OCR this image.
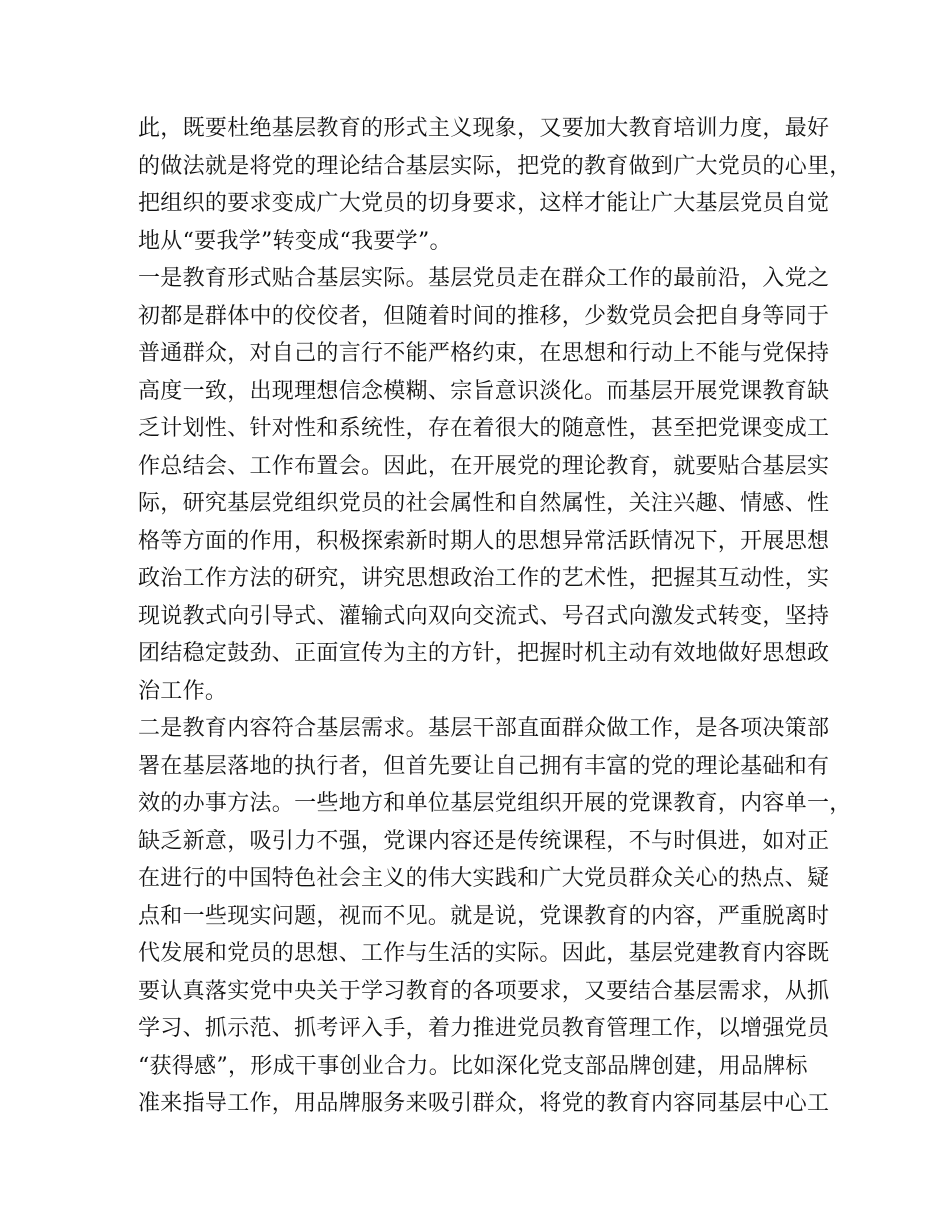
此，既要杜绝基层教育的形式主义现象，又要加大教育培训力度，最好
的做法就是将党的理论结合基层实际，把党的教育做到广大党员的心里，
把组织的要求变成广大党员的切身要求，这样才能让广大基层党员自觉
地从“要我学”转变成“我要学”。
一是教育形式贴合基层实际。基层党员走在群众工作的最前沿，入党之
初都是群体中的佼佼者，但随着时间的推移，少数党员会把自身等同于
普通群众，对自己的言行不能严格约束，在思想和行动上不能与党保持
高度一致，出现理想信念模糊、宗旨意识淡化。而基层开展党课教育缺
乏计划性、针对性和系统性，存在着很大的随意性，甚至把党课变成工
作总结会、工作布置会。因此，在开展党的理论教育，就要贴合基层实
际，研究基层党组织党员的社会属性和自然属性，关注兴趣、情感、性
格等方面的作用，积极探索新时期人的思想异常活跃情况下，开展思想
政治工作方法的研究，讲究思想政治工作的艺术性，把握其互动性，实
现说教式向引导式、灌输式向双向交流式、号召式向激发式转变，坚持
团结稳定鼓劲、正面宣传为主的方针，把握时机主动有效地做好思想政
治工作。
二是教育内容符合基层需求。基层干部直面群众做工作，是各项决策部
署在基层落地的执行者，但首先要让自己拥有丰富的党的理论基础和有
效的办事方法。一些地方和单位基层党组织开展的党课教育，内容单一，
缺乏新意，吸引力不强，党课内容还是传统课程，不与时俱进，如对正
在进行的中国特色社会主义的伟大实践和广大党员群众关心的热点、疑
点和一些现实问题，视而不见。就是说，党课教育的内容，严重脱离时
代发展和党员的思想、工作与生活的实际。因此，基层党建教育内容既
要认真落实党中央关于学习教育的各项要求，又要结合基层需求，从抓
学习、抓示范、抓考评入手，着力推进党员教育管理工作，以增强党员
“获得感”，形成干事创业合力。比如深化党支部品牌创建，用品牌标
准来指导工作，用品牌服务来吸引群众，将党的教育内容同基层中心工
